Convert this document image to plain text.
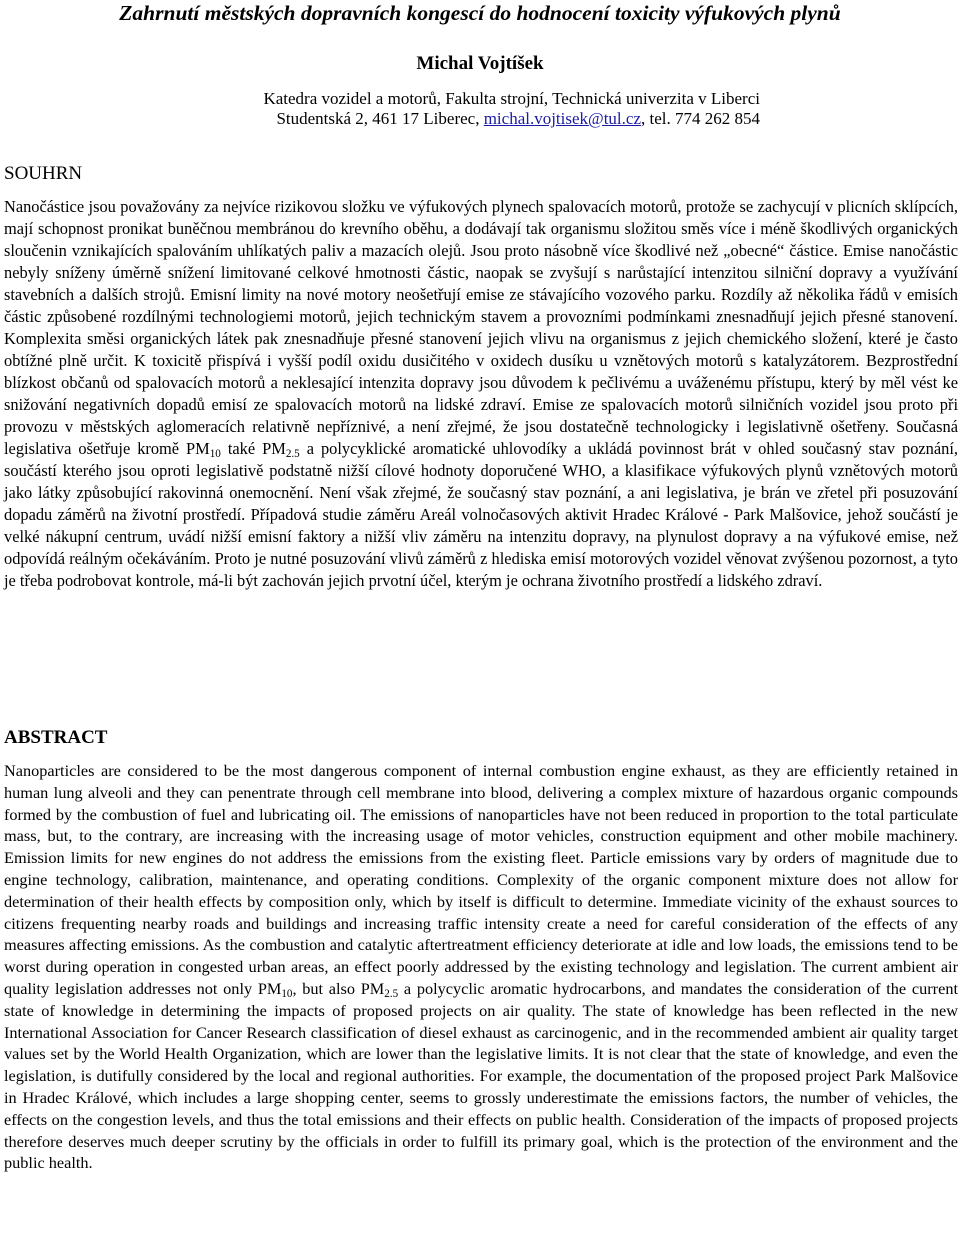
Zahrnutí městských dopravních kongescí do hodnocení toxicity výfukových plynů
Michal Vojtíšek
Katedra vozidel a motorů, Fakulta strojní, Technická univerzita v Liberci
Studentská 2, 461 17 Liberec, michal.vojtisek@tul.cz, tel. 774 262 854
SOUHRN
Nanočástice jsou považovány za nejvíce rizikovou složku ve výfukových plynech spalovacích motorů, protože se zachycují v plicních sklípcích, mají schopnost pronikat buněčnou membránou do krevního oběhu, a dodávají tak organismu složitou směs více i méně škodlivých organických sloučenin vznikajících spalováním uhlíkatých paliv a mazacích olejů. Jsou proto násobně více škodlivé než „obecné“ částice. Emise nanočástic nebyly sníženy úměrně snížení limitované celkové hmotnosti částic, naopak se zvyšují s narůstající intenzitou silniční dopravy a využívání stavebních a dalších strojů. Emisní limity na nové motory neošetřují emise ze stávajícího vozového parku. Rozdíly až několika řádů v emisích částic způsobené rozdílnými technologiemi motorů, jejich technickým stavem a provozními podmínkami znesnadňují jejich přesné stanovení. Komplexita směsi organických látek pak znesnadňuje přesné stanovení jejich vlivu na organismus z jejich chemického složení, které je často obtížné plně určit. K toxicitě přispívá i vyšší podíl oxidu dusičitého v oxidech dusíku u vznětových motorů s katalyzátorem. Bezprostřední blízkost občanů od spalovacích motorů a neklesající intenzita dopravy jsou důvodem k pečlivému a uváženému přístupu, který by měl vést ke snižování negativních dopadů emisí ze spalovacích motorů na lidské zdraví. Emise ze spalovacích motorů silničních vozidel jsou proto při provozu v městských aglomeracích relativně nepříznivé, a není zřejmé, že jsou dostatečně technologicky i legislativně ošetřeny. Současná legislativa ošetřuje kromě $PM_{10}$ také $PM_{2.5}$ a polycyklické aromatické uhlovodíky a ukládá povinnost brát v ohled současný stav poznání, součástí kterého jsou oproti legislativě podstatně nižší cílové hodnoty doporučené WHO, a klasifikace výfukových plynů vznětových motorů jako látky způsobující rakovinná onemocnění. Není však zřejmé, že současný stav poznání, a ani legislativa, je brán ve zřetel při posuzování dopadu záměrů na životní prostředí. Případová studie záměru Areál volnočasových aktivit Hradec Králové - Park Malšovice, jehož součástí je velké nákupní centrum, uvádí nižší emisní faktory a nižší vliv záměru na intenzitu dopravy, na plynulost dopravy a na výfukové emise, než odpovídá reálným očekáváním. Proto je nutné posuzování vlivů záměrů z hlediska emisí motorových vozidel věnovat zvýšenou pozornost, a tyto je třeba podrobovat kontrole, má-li být zachován jejich prvotní účel, kterým je ochrana životního prostředí a lidského zdraví.
ABSTRACT
Nanoparticles are considered to be the most dangerous component of internal combustion engine exhaust, as they are efficiently retained in human lung alveoli and they can penentrate through cell membrane into blood, delivering a complex mixture of hazardous organic compounds formed by the combustion of fuel and lubricating oil. The emissions of nanoparticles have not been reduced in proportion to the total particulate mass, but, to the contrary, are increasing with the increasing usage of motor vehicles, construction equipment and other mobile machinery. Emission limits for new engines do not address the emissions from the existing fleet. Particle emissions vary by orders of magnitude due to engine technology, calibration, maintenance, and operating conditions. Complexity of the organic component mixture does not allow for determination of their health effects by composition only, which by itself is difficult to determine. Immediate vicinity of the exhaust sources to citizens frequenting nearby roads and buildings and increasing traffic intensity create a need for careful consideration of the effects of any measures affecting emissions. As the combustion and catalytic aftertreatment efficiency deteriorate at idle and low loads, the emissions tend to be worst during operation in congested urban areas, an effect poorly addressed by the existing technology and legislation. The current ambient air quality legislation addresses not only $PM_{10}$, but also $PM_{2.5}$ a polycyclic aromatic hydrocarbons, and mandates the consideration of the current state of knowledge in determining the impacts of proposed projects on air quality. The state of knowledge has been reflected in the new International Association for Cancer Research classification of diesel exhaust as carcinogenic, and in the recommended ambient air quality target values set by the World Health Organization, which are lower than the legislative limits. It is not clear that the state of knowledge, and even the legislation, is dutifully considered by the local and regional authorities. For example, the documentation of the proposed project Park Malšovice in Hradec Králové, which includes a large shopping center, seems to grossly underestimate the emissions factors, the number of vehicles, the effects on the congestion levels, and thus the total emissions and their effects on public health. Consideration of the impacts of proposed projects therefore deserves much deeper scrutiny by the officials in order to fulfill its primary goal, which is the protection of the environment and the public health.
